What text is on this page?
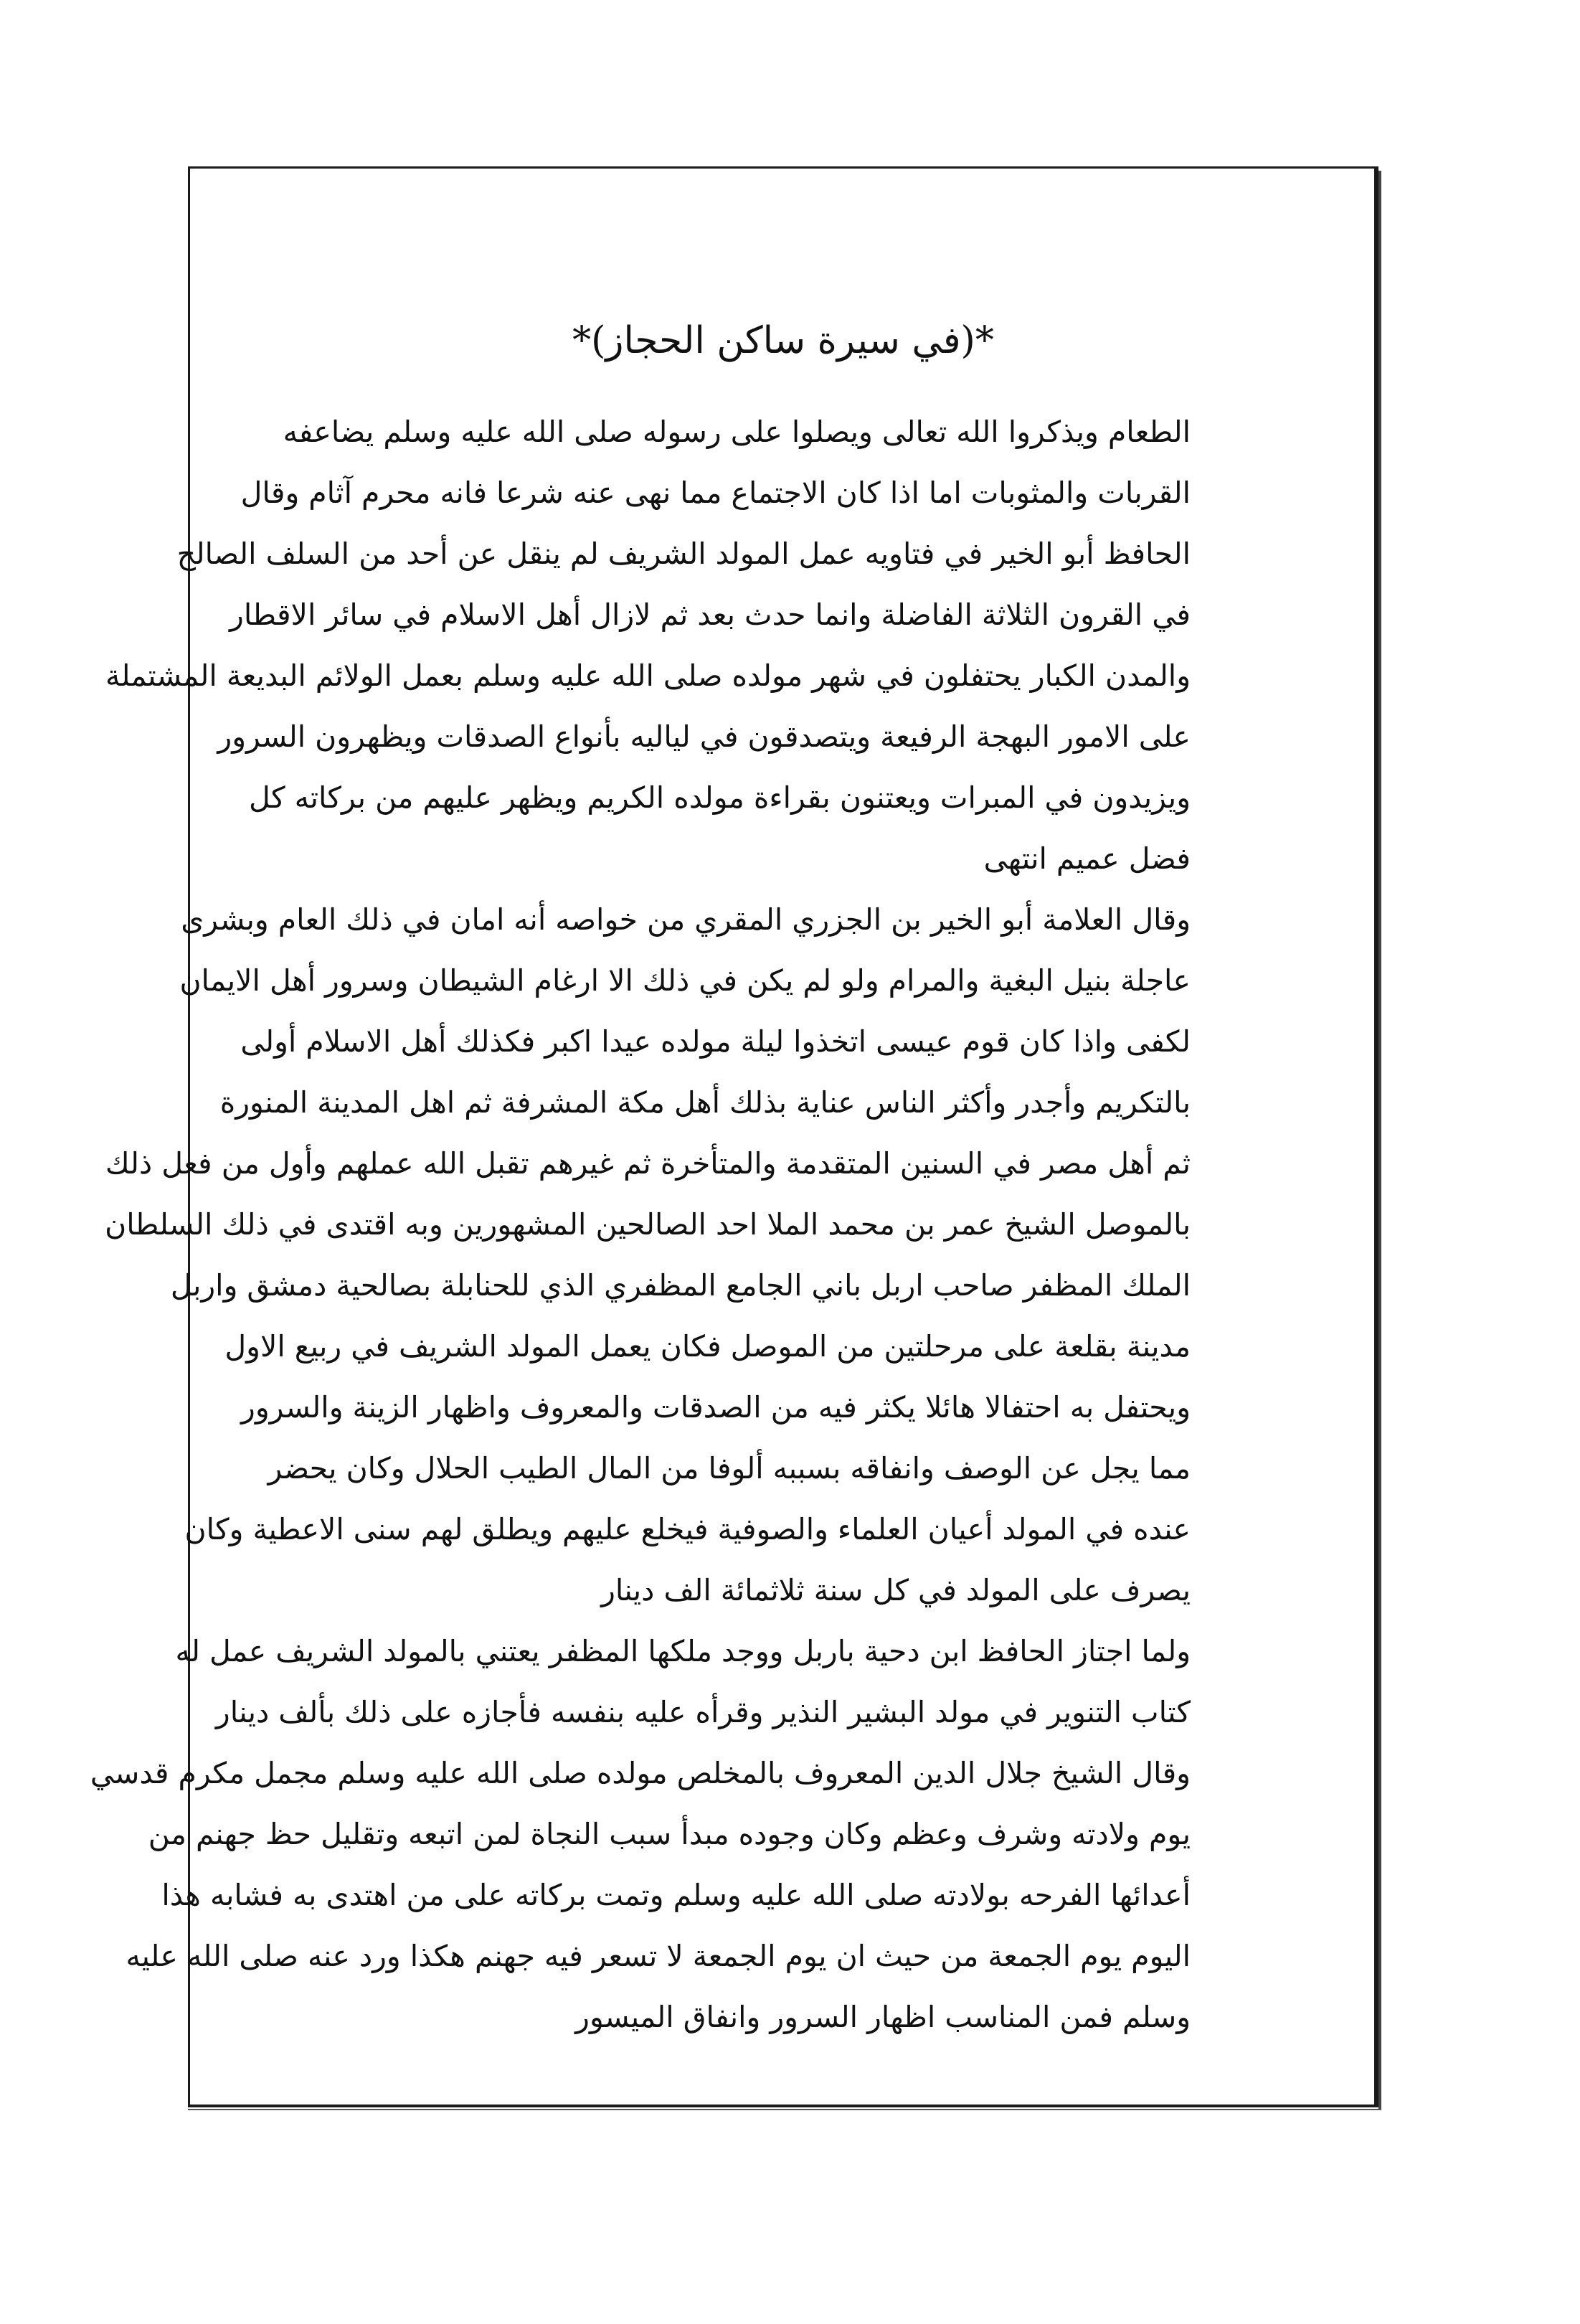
*(في سيرة ساكن الحجاز)*
الطعام ويذكروا الله تعالى ويصلوا على رسوله صلى الله عليه وسلم يضاعفه
القربات والمثوبات اما اذا كان الاجتماع مما نهى عنه شرعا فانه محرم آثام وقال
الحافظ أبو الخير في فتاويه عمل المولد الشريف لم ينقل عن أحد من السلف الصالح
في القرون الثلاثة الفاضلة وانما حدث بعد ثم لازال أهل الاسلام في سائر الاقطار
والمدن الكبار يحتفلون في شهر مولده صلى الله عليه وسلم بعمل الولائم البديعة المشتملة
على الامور البهجة الرفيعة ويتصدقون في لياليه بأنواع الصدقات ويظهرون السرور
ويزيدون في المبرات ويعتنون بقراءة مولده الكريم ويظهر عليهم من بركاته كل
فضل عميم انتهى
وقال العلامة أبو الخير بن الجزري المقري من خواصه أنه امان في ذلك العام وبشرى
عاجلة بنيل البغية والمرام ولو لم يكن في ذلك الا ارغام الشيطان وسرور أهل الايمان
لكفى واذا كان قوم عيسى اتخذوا ليلة مولده عيدا اكبر فكذلك أهل الاسلام أولى
بالتكريم وأجدر وأكثر الناس عناية بذلك أهل مكة المشرفة ثم اهل المدينة المنورة
ثم أهل مصر في السنين المتقدمة والمتأخرة ثم غيرهم تقبل الله عملهم وأول من فعل ذلك
بالموصل الشيخ عمر بن محمد الملا احد الصالحين المشهورين وبه اقتدى في ذلك السلطان
الملك المظفر صاحب اربل باني الجامع المظفري الذي للحنابلة بصالحية دمشق واربل
مدينة بقلعة على مرحلتين من الموصل فكان يعمل المولد الشريف في ربيع الاول
ويحتفل به احتفالا هائلا يكثر فيه من الصدقات والمعروف واظهار الزينة والسرور
مما يجل عن الوصف وانفاقه بسببه ألوفا من المال الطيب الحلال وكان يحضر
عنده في المولد أعيان العلماء والصوفية فيخلع عليهم ويطلق لهم سنى الاعطية وكان
يصرف على المولد في كل سنة ثلاثمائة الف دينار
ولما اجتاز الحافظ ابن دحية باربل ووجد ملكها المظفر يعتني بالمولد الشريف عمل له
كتاب التنوير في مولد البشير النذير وقرأه عليه بنفسه فأجازه على ذلك بألف دينار
وقال الشيخ جلال الدين المعروف بالمخلص مولده صلى الله عليه وسلم مجمل مكرم قدسي
يوم ولادته وشرف وعظم وكان وجوده مبدأ سبب النجاة لمن اتبعه وتقليل حظ جهنم من
أعدائها الفرحه بولادته صلى الله عليه وسلم وتمت بركاته على من اهتدى به فشابه هذا
اليوم يوم الجمعة من حيث ان يوم الجمعة لا تسعر فيه جهنم هكذا ورد عنه صلى الله عليه
وسلم فمن المناسب اظهار السرور وانفاق الميسور
